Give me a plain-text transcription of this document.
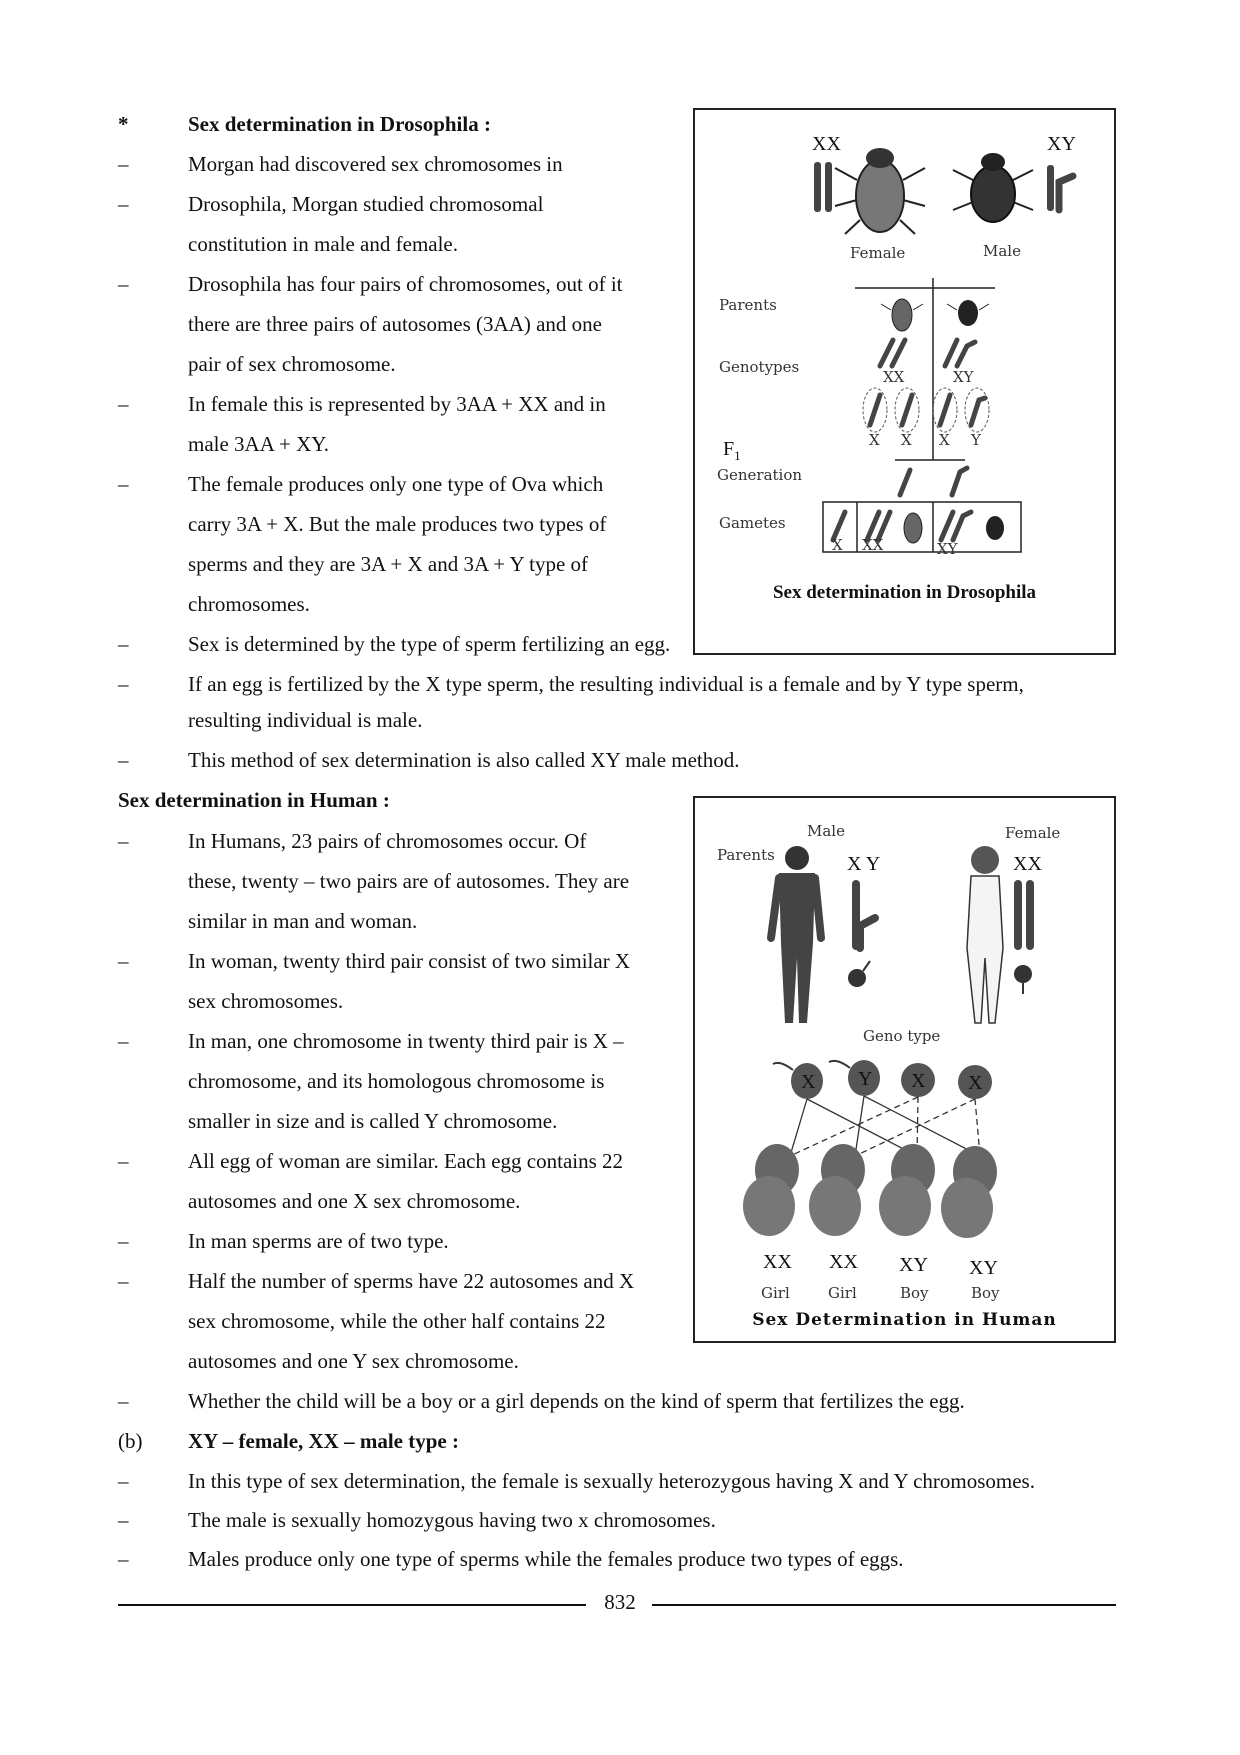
*	Sex determination in Drosophila :
–	Morgan had discovered sex chromosomes in
–	Drosophila, Morgan studied chromosomal
constitution in male and female.
–	Drosophila has four pairs of chromosomes, out of it
there are three pairs of autosomes (3AA) and one
pair of sex chromosome.
–	In female this is represented by 3AA + XX and in
male 3AA + XY.
–	The female produces only one type of Ova which
carry 3A + X. But the male produces two types of
sperms and they are 3A + X and 3A + Y type of
chromosomes.
–	Sex is determined by the type of sperm fertilizing an egg.
–	If an egg is fertilized by the X type sperm, the resulting individual is a female and by Y type sperm,
resulting individual is male.
–	This method of sex determination is also called XY male method.
XX	XY
Female	Male
Parents
Genotypes
$F_1$
Generation
Gametes
XX	XY
X X X Y
X XX	XY
Sex determination in Drosophila
Sex determination in Human :
–	In Humans, 23 pairs of chromosomes occur. Of
these, twenty – two pairs are of autosomes. They are
similar in man and woman.
–	In woman, twenty third pair consist of two similar X
sex chromosomes.
–	In man, one chromosome in twenty third pair is X –
chromosome, and its homologous chromosome is
smaller in size and is called Y chromosome.
–	All egg of woman are similar. Each egg contains 22
autosomes and one X sex chromosome.
–	In man sperms are of two type.
–	Half the number of sperms have 22 autosomes and X
sex chromosome, while the other half contains 22
autosomes and one Y sex chromosome.
–	Whether the child will be a boy or a girl depends on the kind of sperm that fertilizes the egg.
Parents
Male	Female
X Y	XX
Geno type
X Y X X
XX XX XY XY
Girl	Girl	Boy	Boy
Sex Determination in Human
(b) XY – female, XX – male type :
–	In this type of sex determination, the female is sexually heterozygous having X and Y chromosomes.
–	The male is sexually homozygous having two x chromosomes.
–	Males produce only one type of sperms while the females produce two types of eggs.
832
